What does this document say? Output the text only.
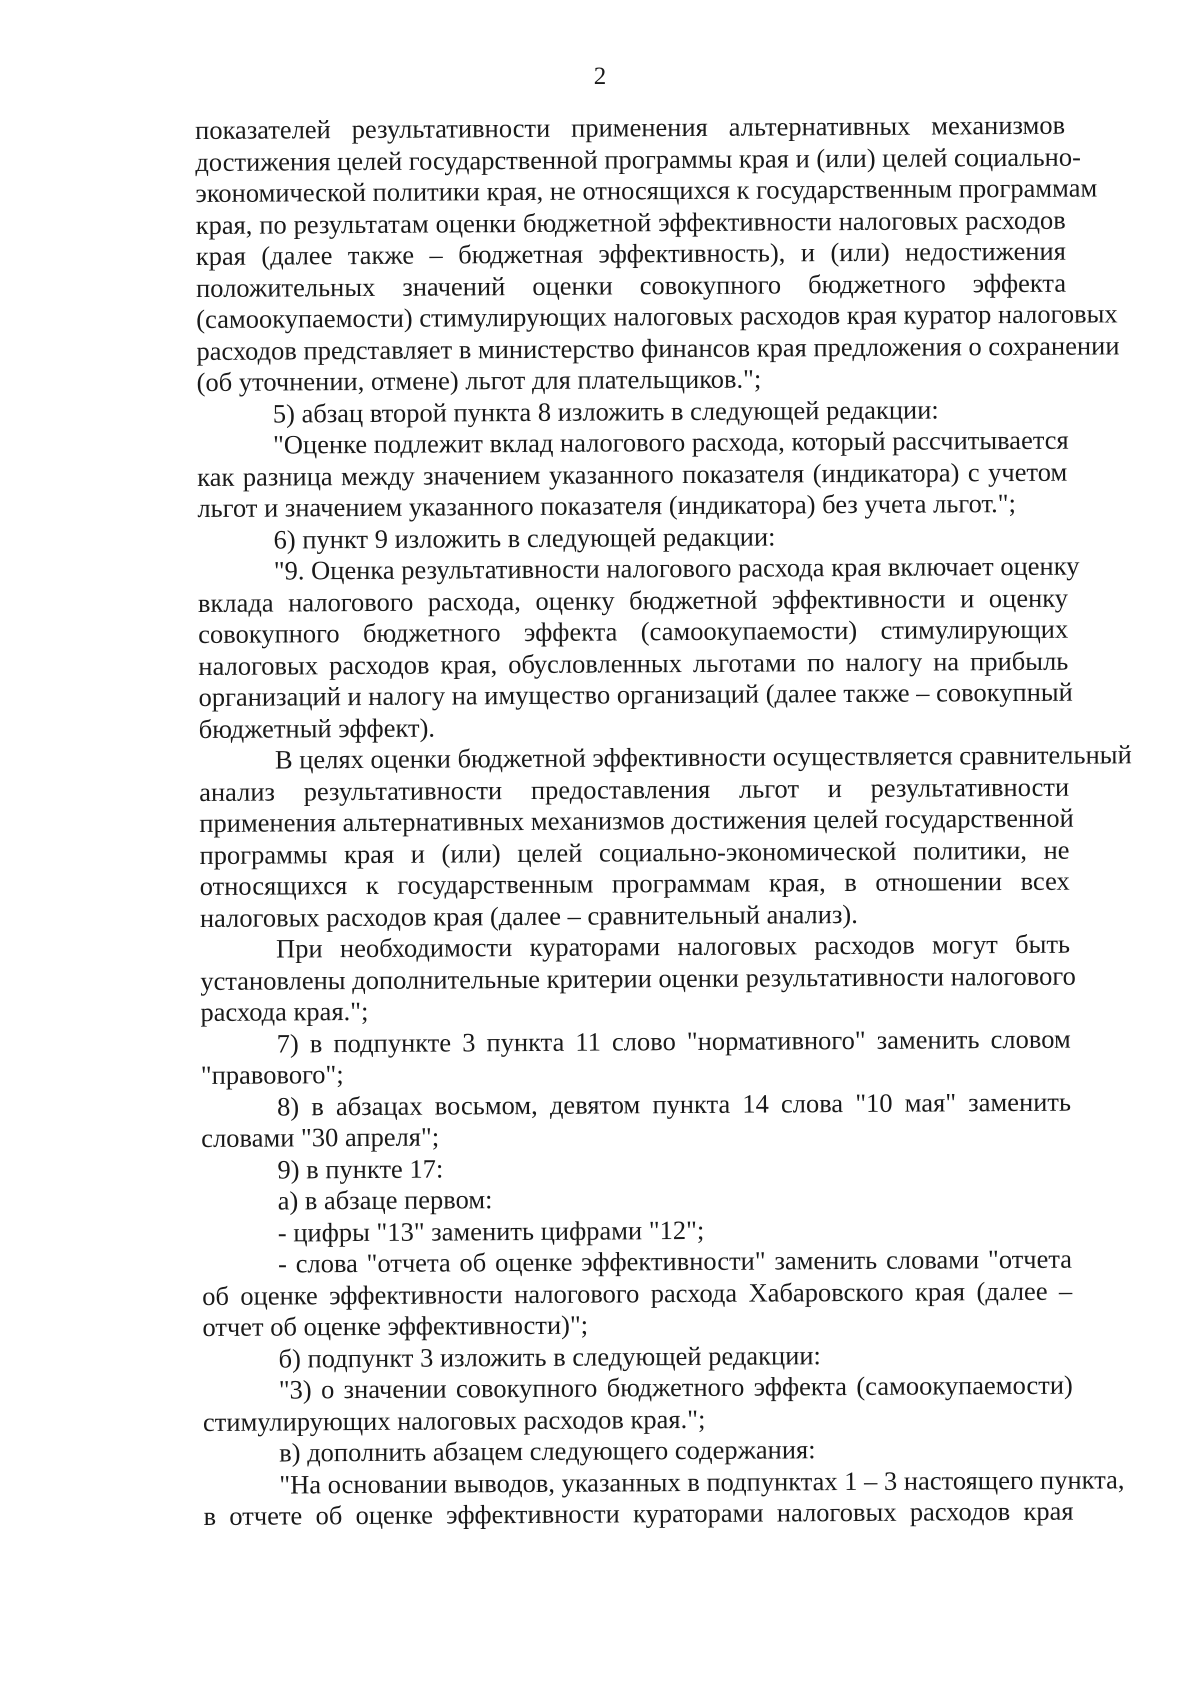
2
показателей результативности применения альтернативных механизмов
достижения целей государственной программы края и (или) целей социально-
экономической политики края, не относящихся к государственным программам
края, по результатам оценки бюджетной эффективности налоговых расходов
края (далее также – бюджетная эффективность), и (или) недостижения
положительных значений оценки совокупного бюджетного эффекта
(самоокупаемости) стимулирующих налоговых расходов края куратор налоговых
расходов представляет в министерство финансов края предложения о сохранении
(об уточнении, отмене) льгот для плательщиков.";
5) абзац второй пункта 8 изложить в следующей редакции:
"Оценке подлежит вклад налогового расхода, который рассчитывается
как разница между значением указанного показателя (индикатора) с учетом
льгот и значением указанного показателя (индикатора) без учета льгот.";
6) пункт 9 изложить в следующей редакции:
"9. Оценка результативности налогового расхода края включает оценку
вклада налогового расхода, оценку бюджетной эффективности и оценку
совокупного бюджетного эффекта (самоокупаемости) стимулирующих
налоговых расходов края, обусловленных льготами по налогу на прибыль
организаций и налогу на имущество организаций (далее также – совокупный
бюджетный эффект).
В целях оценки бюджетной эффективности осуществляется сравнительный
анализ результативности предоставления льгот и результативности
применения альтернативных механизмов достижения целей государственной
программы края и (или) целей социально-экономической политики, не
относящихся к государственным программам края, в отношении всех
налоговых расходов края (далее – сравнительный анализ).
При необходимости кураторами налоговых расходов могут быть
установлены дополнительные критерии оценки результативности налогового
расхода края.";
7) в подпункте 3 пункта 11 слово "нормативного" заменить словом
"правового";
8) в абзацах восьмом, девятом пункта 14 слова "10 мая" заменить
словами "30 апреля";
9) в пункте 17:
а) в абзаце первом:
- цифры "13" заменить цифрами "12";
- слова "отчета об оценке эффективности" заменить словами "отчета
об оценке эффективности налогового расхода Хабаровского края (далее –
отчет об оценке эффективности)";
б) подпункт 3 изложить в следующей редакции:
"3) о значении совокупного бюджетного эффекта (самоокупаемости)
стимулирующих налоговых расходов края.";
в) дополнить абзацем следующего содержания:
"На основании выводов, указанных в подпунктах 1 – 3 настоящего пункта,
в отчете об оценке эффективности кураторами налоговых расходов края
